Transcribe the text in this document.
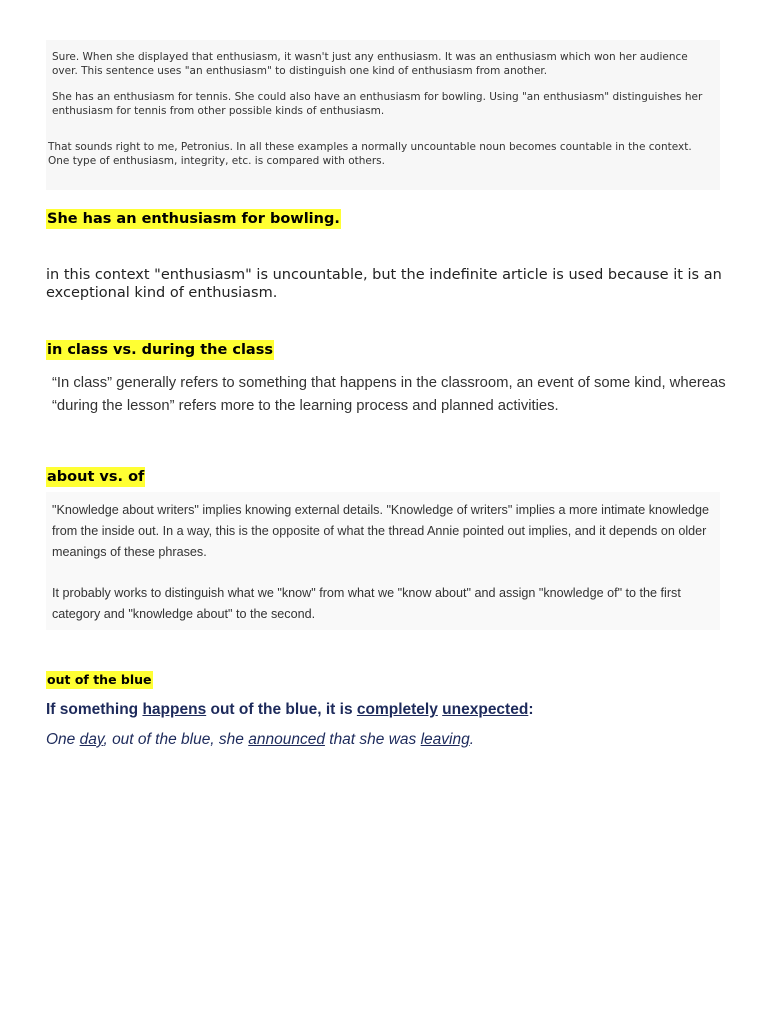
Sure. When she displayed that enthusiasm, it wasn't just any enthusiasm. It was an enthusiasm which won her audience over. This sentence uses "an enthusiasm" to distinguish one kind of enthusiasm from another.

She has an enthusiasm for tennis. She could also have an enthusiasm for bowling. Using "an enthusiasm" distinguishes her enthusiasm for tennis from other possible kinds of enthusiasm.

That sounds right to me, Petronius. In all these examples a normally uncountable noun becomes countable in the context. One type of enthusiasm, integrity, etc. is compared with others.

She has an enthusiasm for bowling.
in this context "enthusiasm" is uncountable, but the indefinite article is used because it is an exceptional kind of enthusiasm.
in class vs. during the class
“In class” generally refers to something that happens in the classroom, an event of some kind, whereas “during the lesson” refers more to the learning process and planned activities.
about vs. of

"Knowledge about writers" implies knowing external details. "Knowledge of writers" implies a more intimate knowledge from the inside out. In a way, this is the opposite of what the thread Annie pointed out implies, and it depends on older meanings of these phrases.

It probably works to distinguish what we "know" from what we "know about" and assign "knowledge of" to the first category and "knowledge about" to the second.

out of the blue
If something happens out of the blue, it is completely unexpected:
One day, out of the blue, she announced that she was leaving.
